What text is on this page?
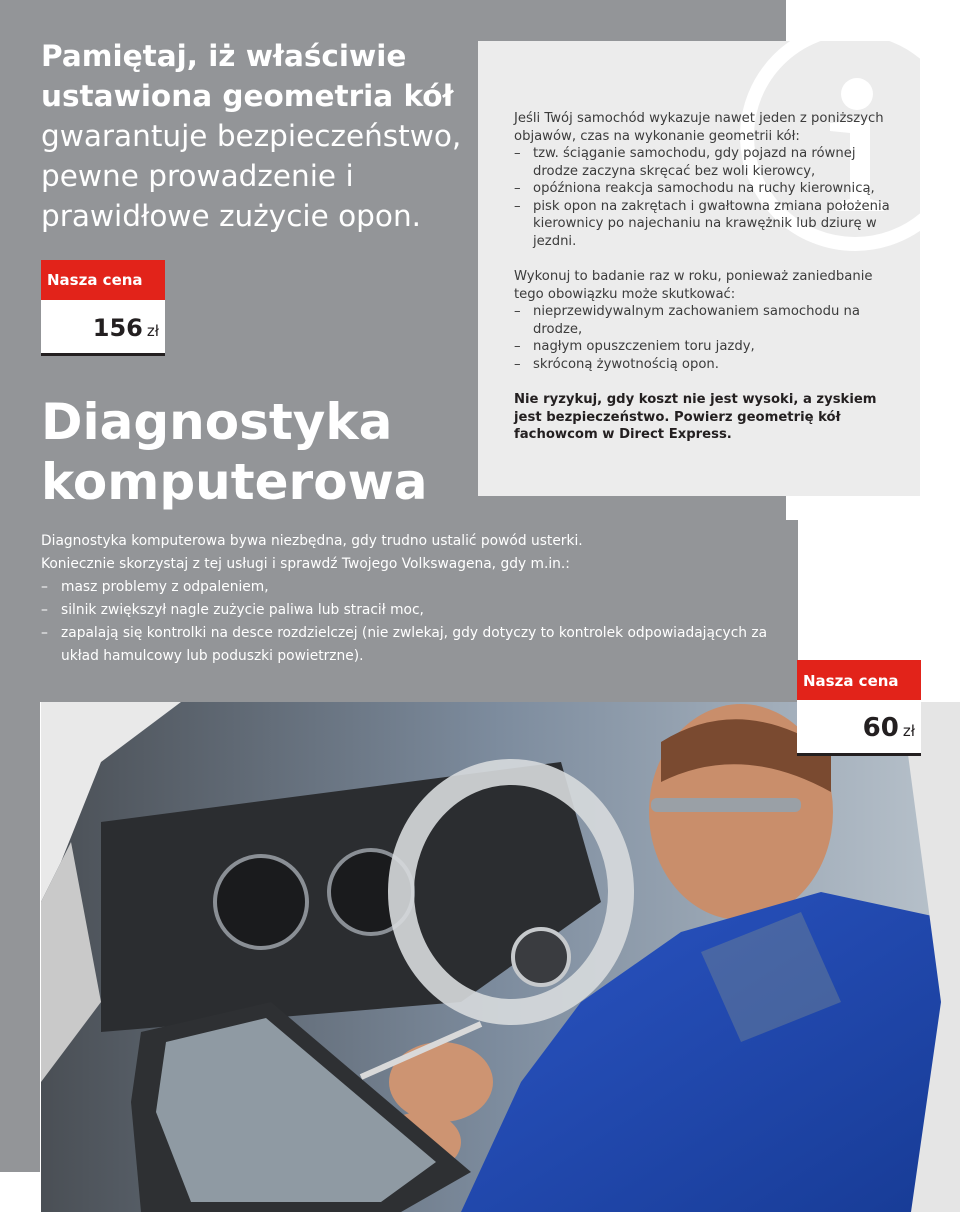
Pamiętaj, iż właściwie ustawiona geometria kół
gwarantuje bezpieczeństwo, pewne prowadzenie i prawidłowe zużycie opon.
Nasza cena
156 zł
Diagnostyka
komputerowa

Jeśli Twój samochód wykazuje nawet jeden z poniższych objawów, czas na wykonanie geometrii kół:

– tzw. ściąganie samochodu, gdy pojazd na równej drodze zaczyna skręcać bez woli kierowcy,
– opóźniona reakcja samochodu na ruchy kierownicą,
– pisk opon na zakrętach i gwałtowna zmiana położenia kierownicy po najechaniu na krawężnik lub dziurę w jezdni.

Wykonuj to badanie raz w roku, ponieważ zaniedbanie tego obowiązku może skutkować:

– nieprzewidywalnym zachowaniem samochodu na drodze,
– nagłym opuszczeniem toru jazdy,
– skróconą żywotnością opon.

Nie ryzykuj, gdy koszt nie jest wysoki, a zyskiem jest bezpieczeństwo. Powierz geometrię kół fachowcom w Direct Express.

Diagnostyka komputerowa bywa niezbędna, gdy trudno ustalić powód usterki.

Koniecznie skorzystaj z tej usługi i sprawdź Twojego Volkswagena, gdy m.in.:

– masz problemy z odpaleniem,
– silnik zwiększył nagle zużycie paliwa lub stracił moc,
– zapalają się kontrolki na desce rozdzielczej (nie zwlekaj, gdy dotyczy to kontrolek odpowiadających za układ hamulcowy lub poduszki powietrzne).
Nasza cena
60 zł
